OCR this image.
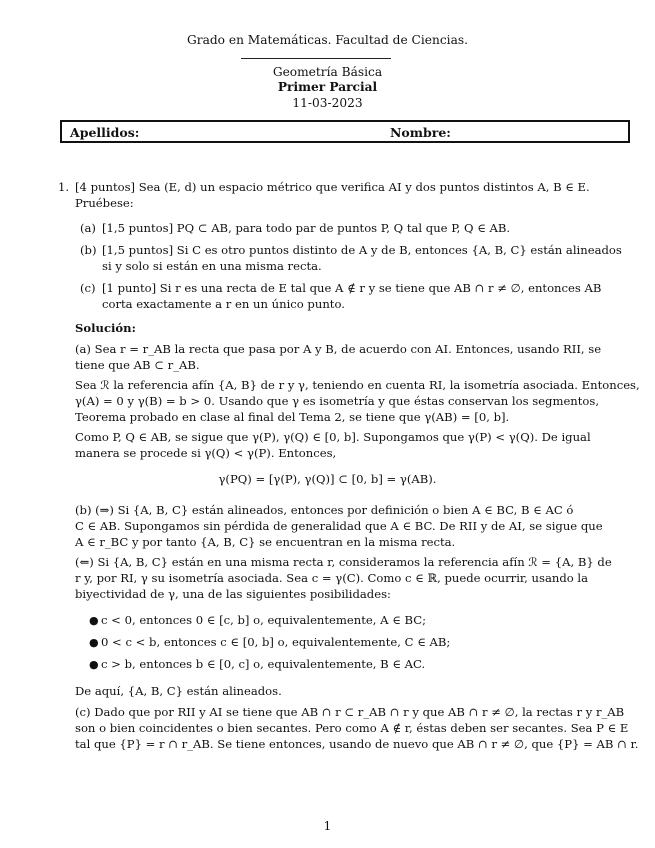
Grado en Matemáticas. Facultad de Ciencias.
Geometría Básica
Primer Parcial
11-03-2023
Apellidos:	Nombre:
1. [4 puntos] Sea (E, d) un espacio métrico que verifica AI y dos puntos distintos A, B ∈ E.
Pruébese:
(a) [1,5 puntos] PQ ⊂ AB, para todo par de puntos P, Q tal que P, Q ∈ AB.
(b) [1,5 puntos] Si C es otro puntos distinto de A y de B, entonces {A, B, C} están alineados
si y solo si están en una misma recta.
(c) [1 punto] Si r es una recta de E tal que A ∉ r y se tiene que AB ∩ r ≠ ∅, entonces AB
corta exactamente a r en un único punto.
Solución:
(a) Sea r = r_AB la recta que pasa por A y B, de acuerdo con AI. Entonces, usando RII, se
tiene que AB ⊂ r_AB.
Sea ℛ la referencia afín {A, B} de r y γ, teniendo en cuenta RI, la isometría asociada. Entonces,
γ(A) = 0 y γ(B) = b > 0. Usando que γ es isometría y que éstas conservan los segmentos,
Teorema probado en clase al final del Tema 2, se tiene que γ(AB) = [0, b].
Como P, Q ∈ AB, se sigue que γ(P), γ(Q) ∈ [0, b]. Supongamos que γ(P) < γ(Q). De igual
manera se procede si γ(Q) < γ(P). Entonces,
γ(PQ) = [γ(P), γ(Q)] ⊂ [0, b] = γ(AB).
(b) (⇒) Si {A, B, C} están alineados, entonces por definición o bien A ∈ BC, B ∈ AC ó
C ∈ AB. Supongamos sin pérdida de generalidad que A ∈ BC. De RII y de AI, se sigue que
A ∈ r_BC y por tanto {A, B, C} se encuentran en la misma recta.
(⇐) Si {A, B, C} están en una misma recta r, consideramos la referencia afín ℛ = {A, B} de
r y, por RI, γ su isometría asociada. Sea c = γ(C). Como c ∈ ℝ, puede ocurrir, usando la
biyectividad de γ, una de las siguientes posibilidades:
● c < 0, entonces 0 ∈ [c, b] o, equivalentemente, A ∈ BC;
● 0 < c < b, entonces c ∈ [0, b] o, equivalentemente, C ∈ AB;
● c > b, entonces b ∈ [0, c] o, equivalentemente, B ∈ AC.
De aquí, {A, B, C} están alineados.
(c) Dado que por RII y AI se tiene que AB ∩ r ⊂ r_AB ∩ r y que AB ∩ r ≠ ∅, la rectas r y r_AB
son o bien coincidentes o bien secantes. Pero como A ∉ r, éstas deben ser secantes. Sea P ∈ E
tal que {P} = r ∩ r_AB. Se tiene entonces, usando de nuevo que AB ∩ r ≠ ∅, que {P} = AB ∩ r.
1
